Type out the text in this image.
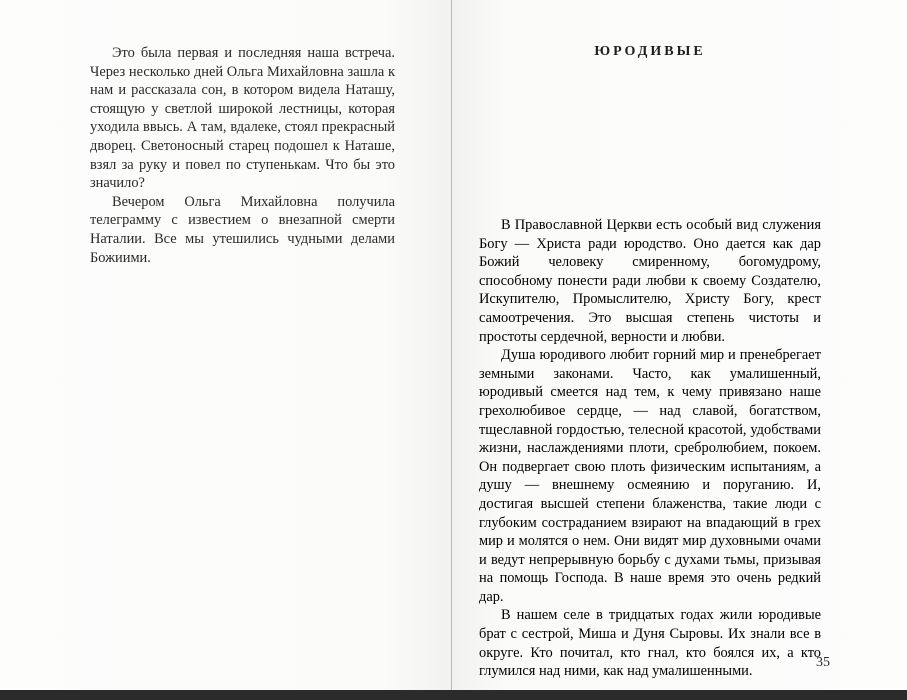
Это была первая и последняя наша встреча. Через несколько дней Ольга Михайловна зашла к нам и рассказала сон, в котором видела Наташу, стоящую у светлой широкой лестницы, которая уходила ввысь. А там, вдалеке, стоял прекрасный дворец. Светоносный старец подошел к Наташе, взял за руку и повел по ступенькам. Что бы это значило?

Вечером Ольга Михайловна получила телеграмму с известием о внезапной смерти Наталии. Все мы утешились чудными делами Божиими.

ЮРОДИВЫЕ

В Православной Церкви есть особый вид служения Богу — Христа ради юродство. Оно дается как дар Божий человеку смиренному, богомудрому, способному понести ради любви к своему Создателю, Искупителю, Промыслителю, Христу Богу, крест самоотречения. Это высшая степень чистоты и простоты сердечной, верности и любви.

Душа юродивого любит горний мир и пренебрегает земными законами. Часто, как умалишенный, юродивый смеется над тем, к чему привязано наше грехолюбивое сердце, — над славой, богатством, тщеславной гордостью, телесной красотой, удобствами жизни, наслаждениями плоти, сребролюбием, покоем. Он подвергает свою плоть физическим испытаниям, а душу — внешнему осмеянию и поруганию. И, достигая высшей степени блаженства, такие люди с глубоким состраданием взирают на впадающий в грех мир и молятся о нем. Они видят мир духовными очами и ведут непрерывную борьбу с духами тьмы, призывая на помощь Господа. В наше время это очень редкий дар.

В нашем селе в тридцатых годах жили юродивые брат с сестрой, Миша и Дуня Сыровы. Их знали все в округе. Кто почитал, кто гнал, кто боялся их, а кто глумился над ними, как над умалишенными.

35
